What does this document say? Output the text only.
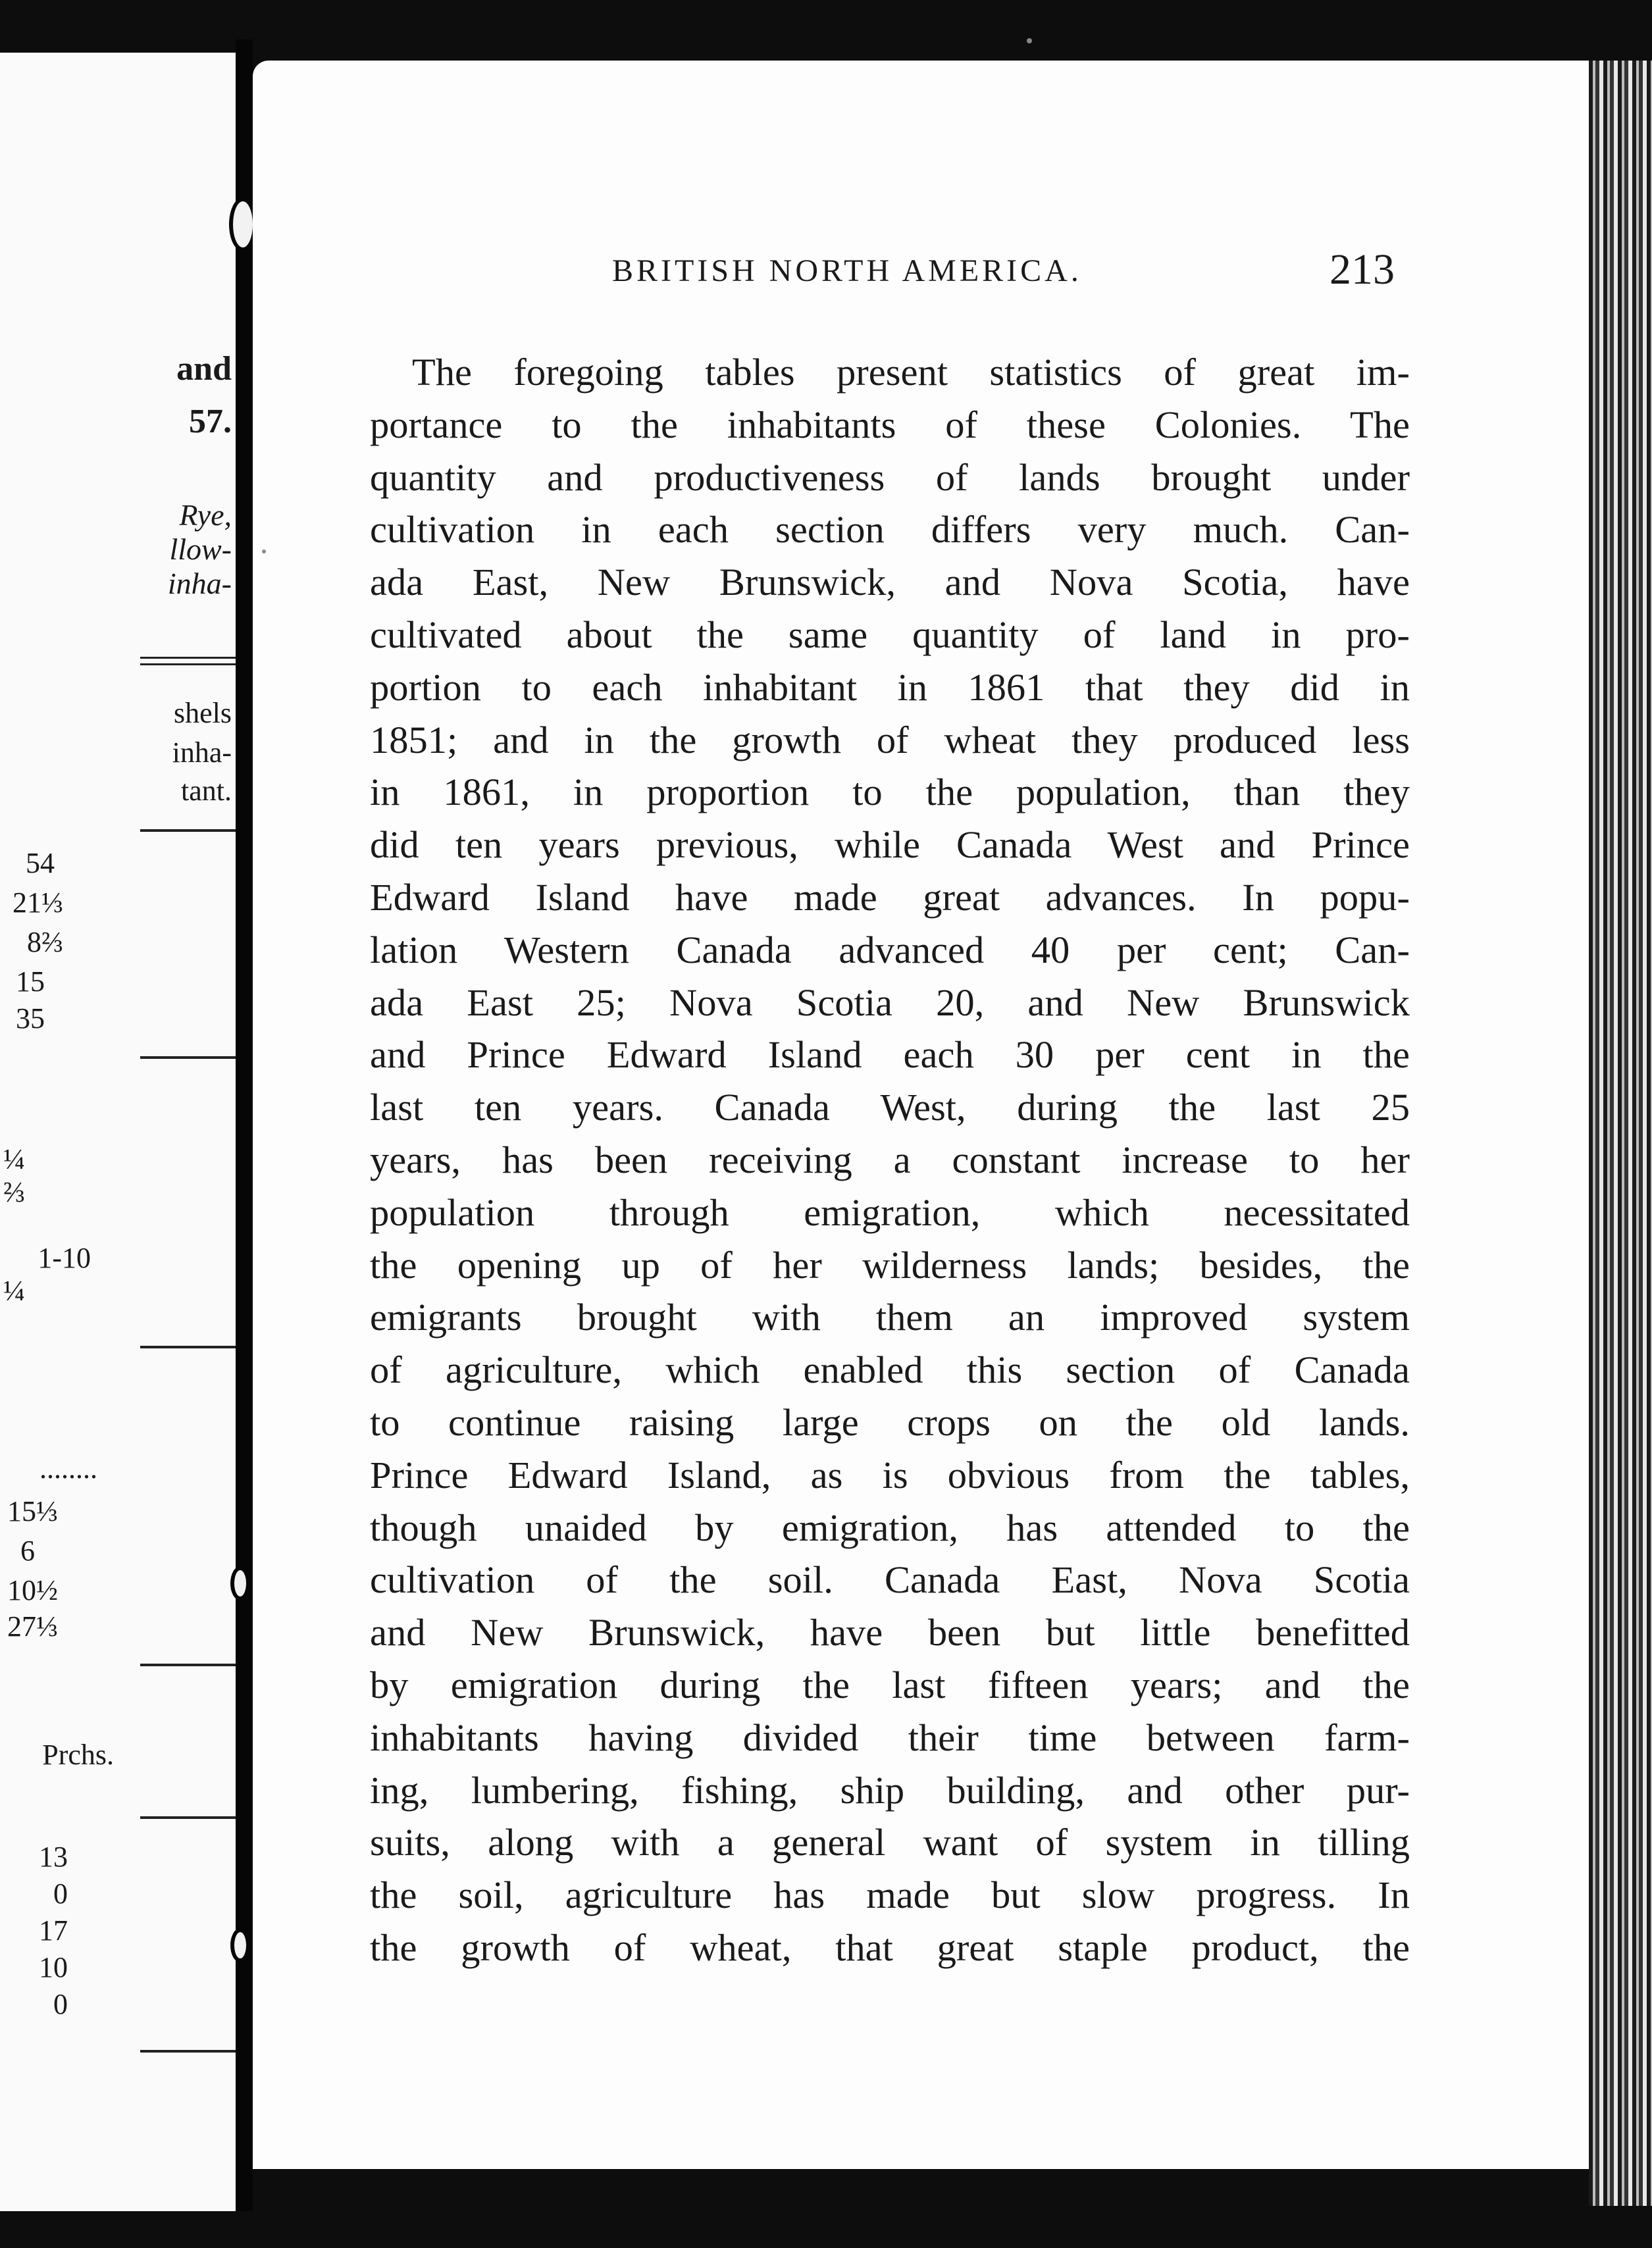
and
57.
Rye,
llow-
inha-
shels
inha-
tant.
54
21⅓
8⅔
15
35
¼
⅔
1-10
¼
........
15⅓
6
10½
27⅓
Prchs.
13
0
17
10
0
BRITISH NORTH AMERICA.	213
The foregoing tables present statistics of great im-
portance to the inhabitants of these Colonies. The
quantity and productiveness of lands brought under
cultivation in each section differs very much. Can-
ada East, New Brunswick, and Nova Scotia, have
cultivated about the same quantity of land in pro-
portion to each inhabitant in 1861 that they did in
1851; and in the growth of wheat they produced less
in 1861, in proportion to the population, than they
did ten years previous, while Canada West and Prince
Edward Island have made great advances. In popu-
lation Western Canada advanced 40 per cent; Can-
ada East 25; Nova Scotia 20, and New Brunswick
and Prince Edward Island each 30 per cent in the
last ten years. Canada West, during the last 25
years, has been receiving a constant increase to her
population through emigration, which necessitated
the opening up of her wilderness lands; besides, the
emigrants brought with them an improved system
of agriculture, which enabled this section of Canada
to continue raising large crops on the old lands.
Prince Edward Island, as is obvious from the tables,
though unaided by emigration, has attended to the
cultivation of the soil. Canada East, Nova Scotia
and New Brunswick, have been but little benefitted
by emigration during the last fifteen years; and the
inhabitants having divided their time between farm-
ing, lumbering, fishing, ship building, and other pur-
suits, along with a general want of system in tilling
the soil, agriculture has made but slow progress. In
the growth of wheat, that great staple product, the
